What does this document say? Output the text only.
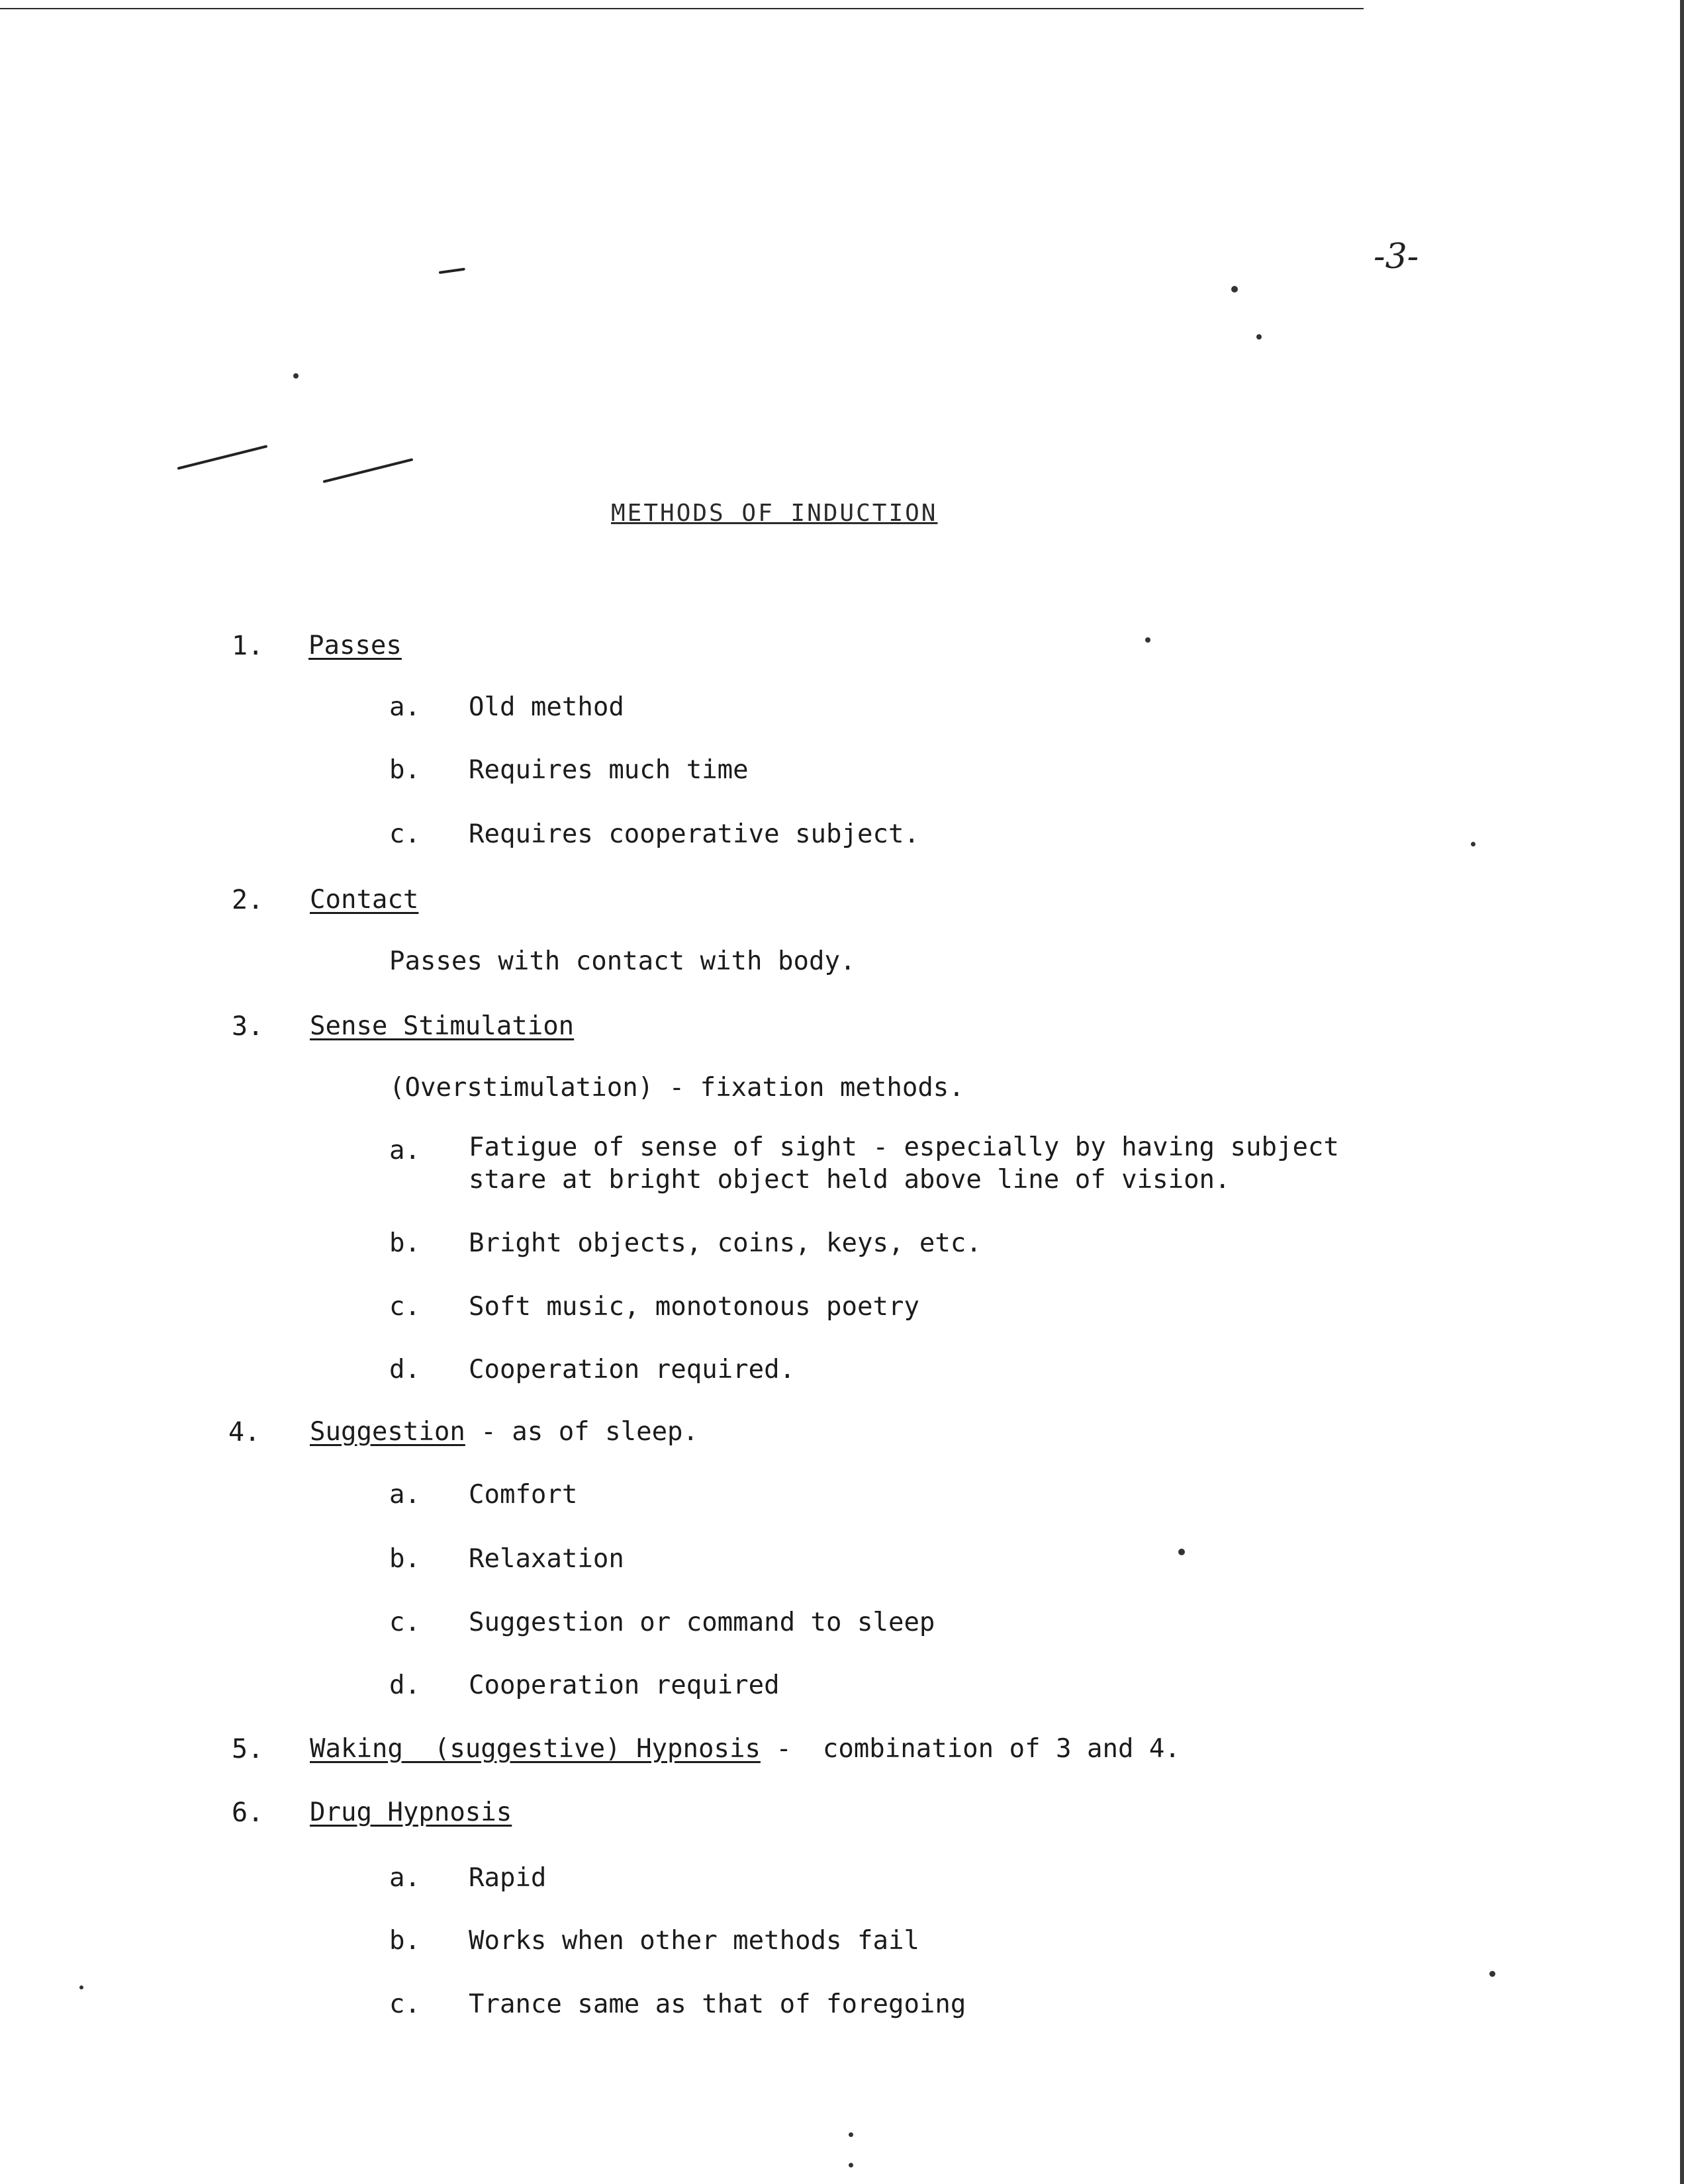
-3-
METHODS OF INDUCTION
1. Passes
a. Old method
b. Requires much time
c. Requires cooperative subject.
2. Contact
Passes with contact with body.
3. Sense Stimulation
(Overstimulation) - fixation methods.
a. Fatigue of sense of sight - especially by having subject
stare at bright object held above line of vision.
b. Bright objects, coins, keys, etc.
c. Soft music, monotonous poetry
d. Cooperation required.
4. Suggestion - as of sleep.
a. Comfort
b. Relaxation
c. Suggestion or command to sleep
d. Cooperation required
5. Waking  (suggestive) Hypnosis -  combination of 3 and 4.
6. Drug Hypnosis
a. Rapid
b. Works when other methods fail
c. Trance same as that of foregoing
